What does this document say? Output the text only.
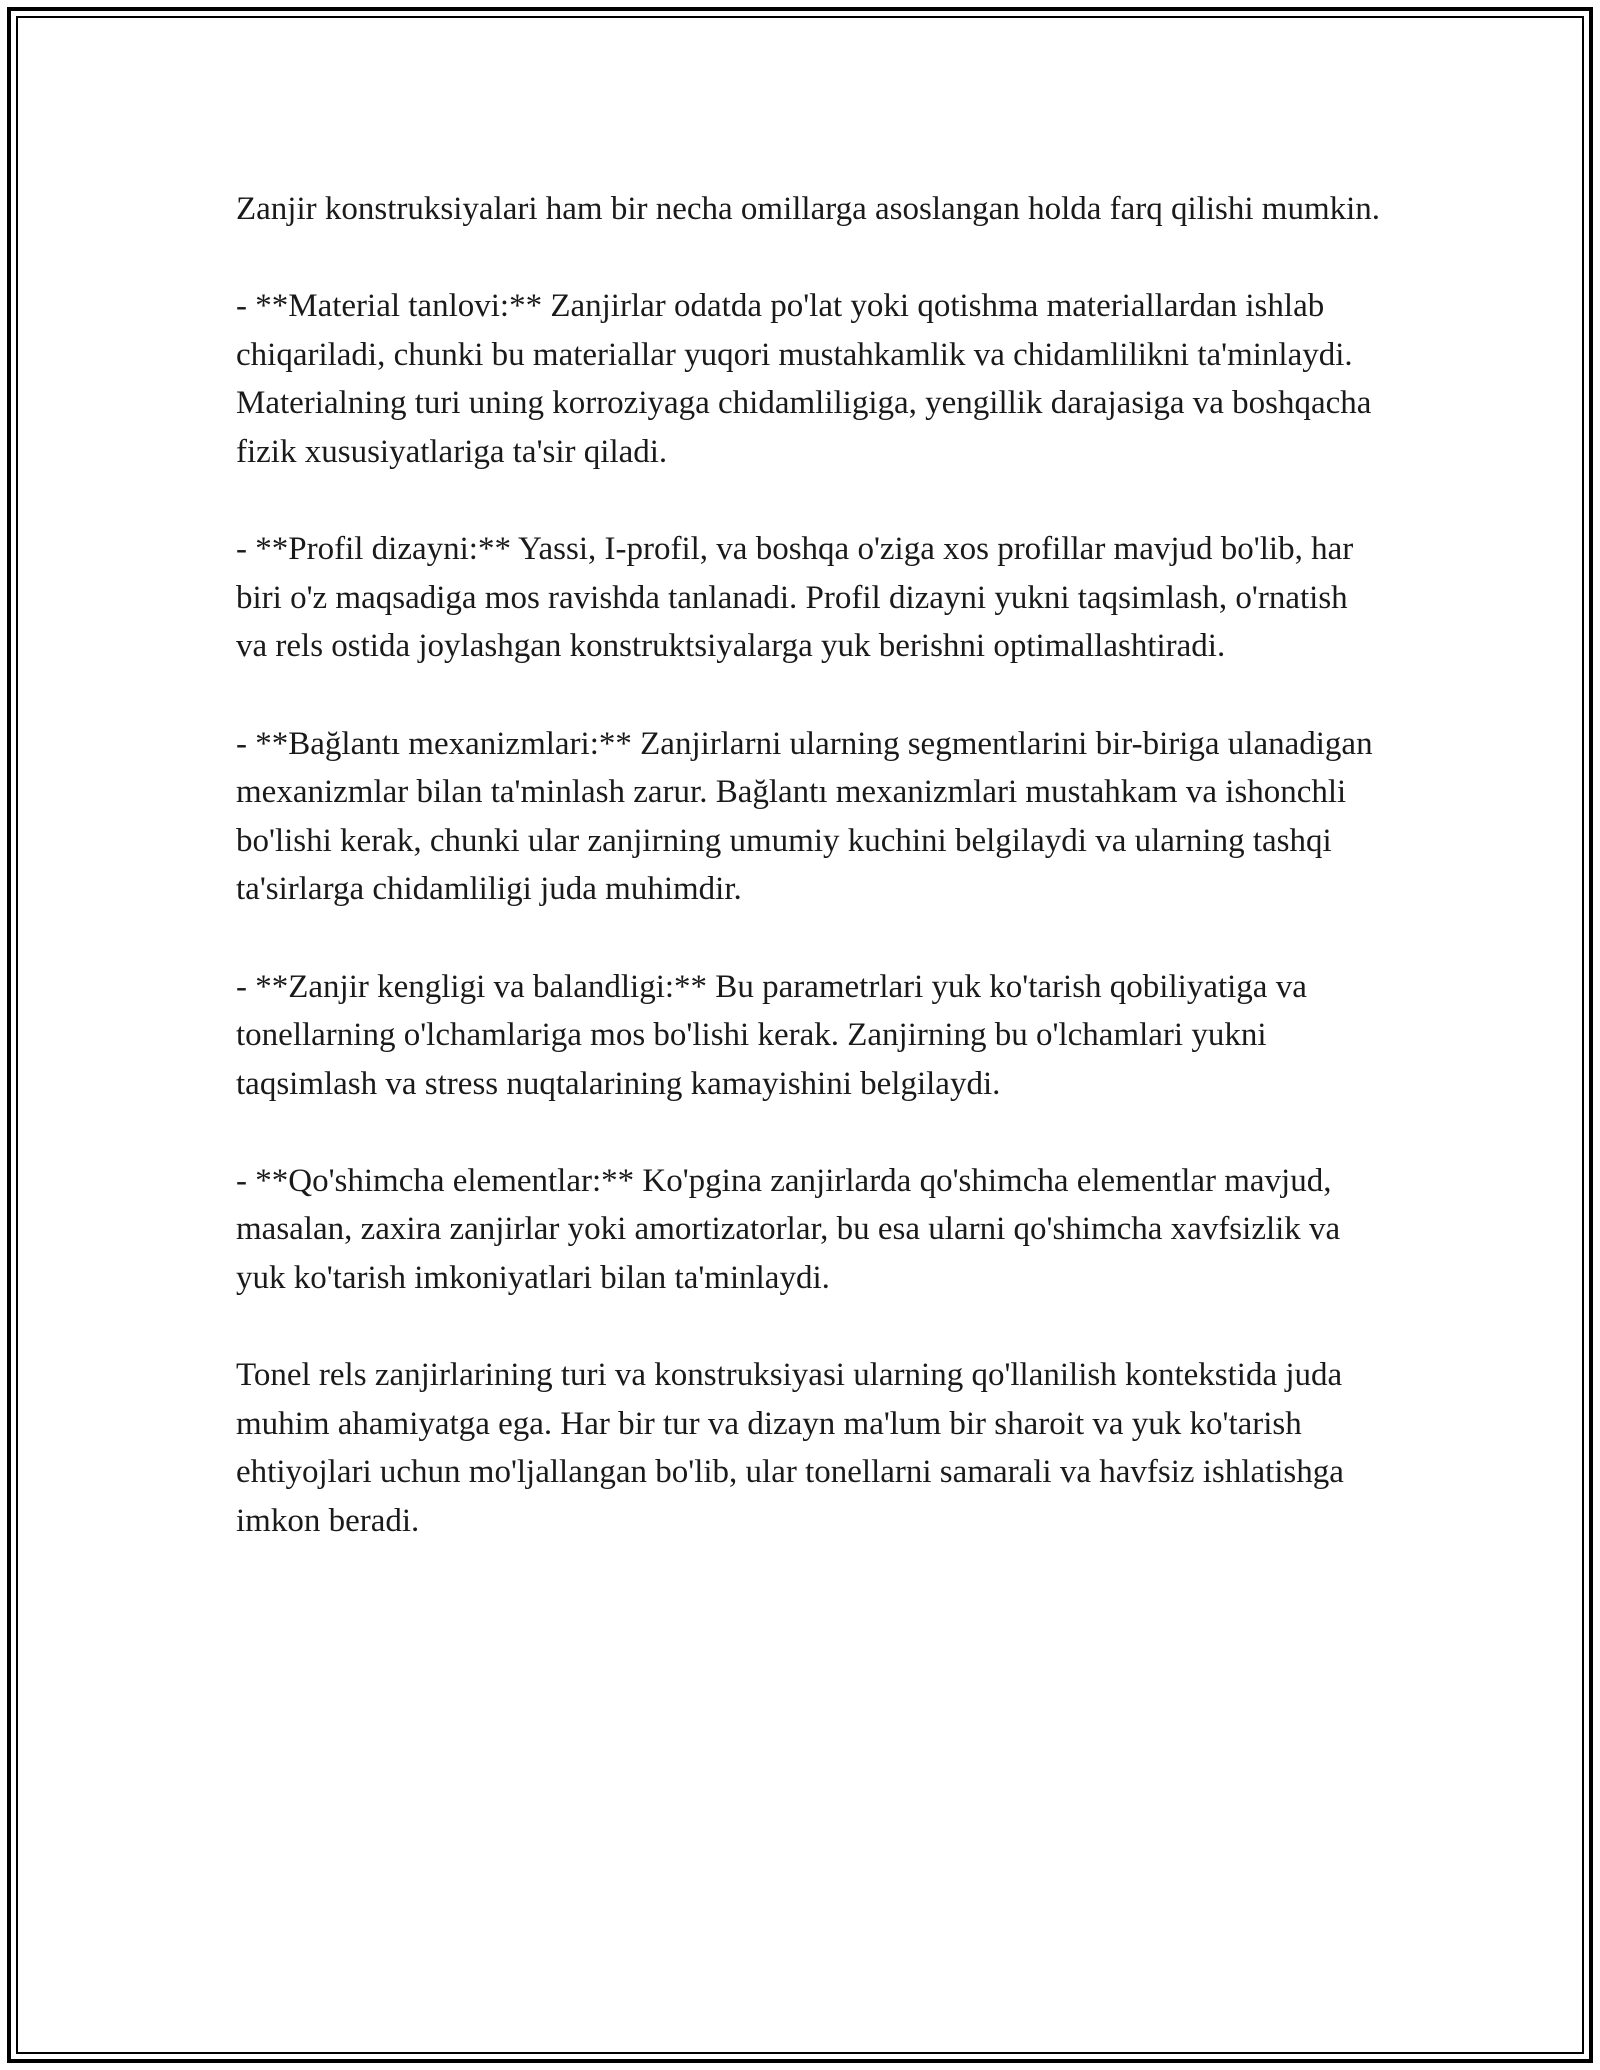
Zanjir konstruksiyalari ham bir necha omillarga asoslangan holda farq qilishi mumkin.

- **Material tanlovi:** Zanjirlar odatda po'lat yoki qotishma materiallardan ishlab chiqariladi, chunki bu materiallar yuqori mustahkamlik va chidamlilikni ta'minlaydi. Materialning turi uning korroziyaga chidamliligiga, yengillik darajasiga va boshqacha fizik xususiyatlariga ta'sir qiladi.

- **Profil dizayni:** Yassi, I-profil, va boshqa o'ziga xos profillar mavjud bo'lib, har biri o'z maqsadiga mos ravishda tanlanadi. Profil dizayni yukni taqsimlash, o'rnatish va rels ostida joylashgan konstruktsiyalarga yuk berishni optimallashtiradi.

- **Bağlantı mexanizmlari:** Zanjirlarni ularning segmentlarini bir-biriga ulanadigan mexanizmlar bilan ta'minlash zarur. Bağlantı mexanizmlari mustahkam va ishonchli bo'lishi kerak, chunki ular zanjirning umumiy kuchini belgilaydi va ularning tashqi ta'sirlarga chidamliligi juda muhimdir.

- **Zanjir kengligi va balandligi:** Bu parametrlari yuk ko'tarish qobiliyatiga va tonellarning o'lchamlariga mos bo'lishi kerak. Zanjirning bu o'lchamlari yukni taqsimlash va stress nuqtalarining kamayishini belgilaydi.

- **Qo'shimcha elementlar:** Ko'pgina zanjirlarda qo'shimcha elementlar mavjud, masalan, zaxira zanjirlar yoki amortizatorlar, bu esa ularni qo'shimcha xavfsizlik va yuk ko'tarish imkoniyatlari bilan ta'minlaydi.

Tonel rels zanjirlarining turi va konstruksiyasi ularning qo'llanilish kontekstida juda muhim ahamiyatga ega. Har bir tur va dizayn ma'lum bir sharoit va yuk ko'tarish ehtiyojlari uchun mo'ljallangan bo'lib, ular tonellarni samarali va havfsiz ishlatishga imkon beradi.
